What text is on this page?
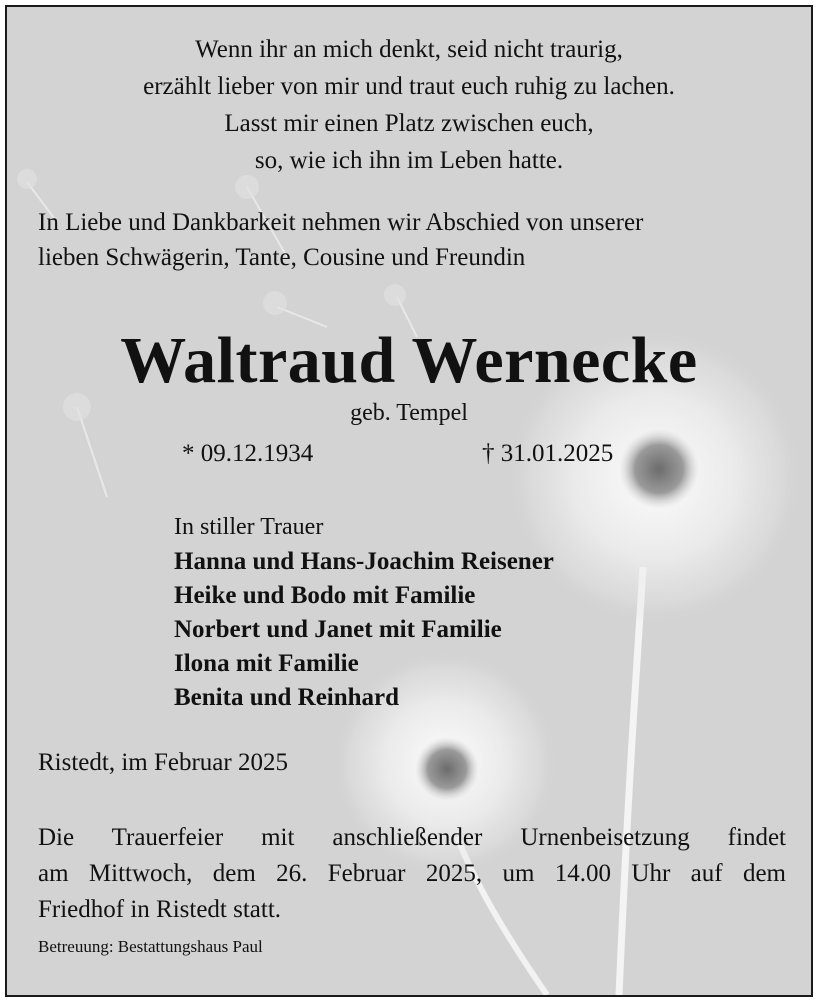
Wenn ihr an mich denkt, seid nicht traurig,
erzählt lieber von mir und traut euch ruhig zu lachen.
Lasst mir einen Platz zwischen euch,
so, wie ich ihn im Leben hatte.
In Liebe und Dankbarkeit nehmen wir Abschied von unserer
lieben Schwägerin, Tante, Cousine und Freundin
Waltraud Wernecke
geb. Tempel
* 09.12.1934	† 31.01.2025
In stiller Trauer
Hanna und Hans-Joachim Reisener
Heike und Bodo mit Familie
Norbert und Janet mit Familie
Ilona mit Familie
Benita und Reinhard
Ristedt, im Februar 2025
Die Trauerfeier mit anschließender Urnenbeisetzung findet
am Mittwoch, dem 26. Februar 2025, um 14.00 Uhr auf dem
Friedhof in Ristedt statt.
Betreuung: Bestattungshaus Paul
